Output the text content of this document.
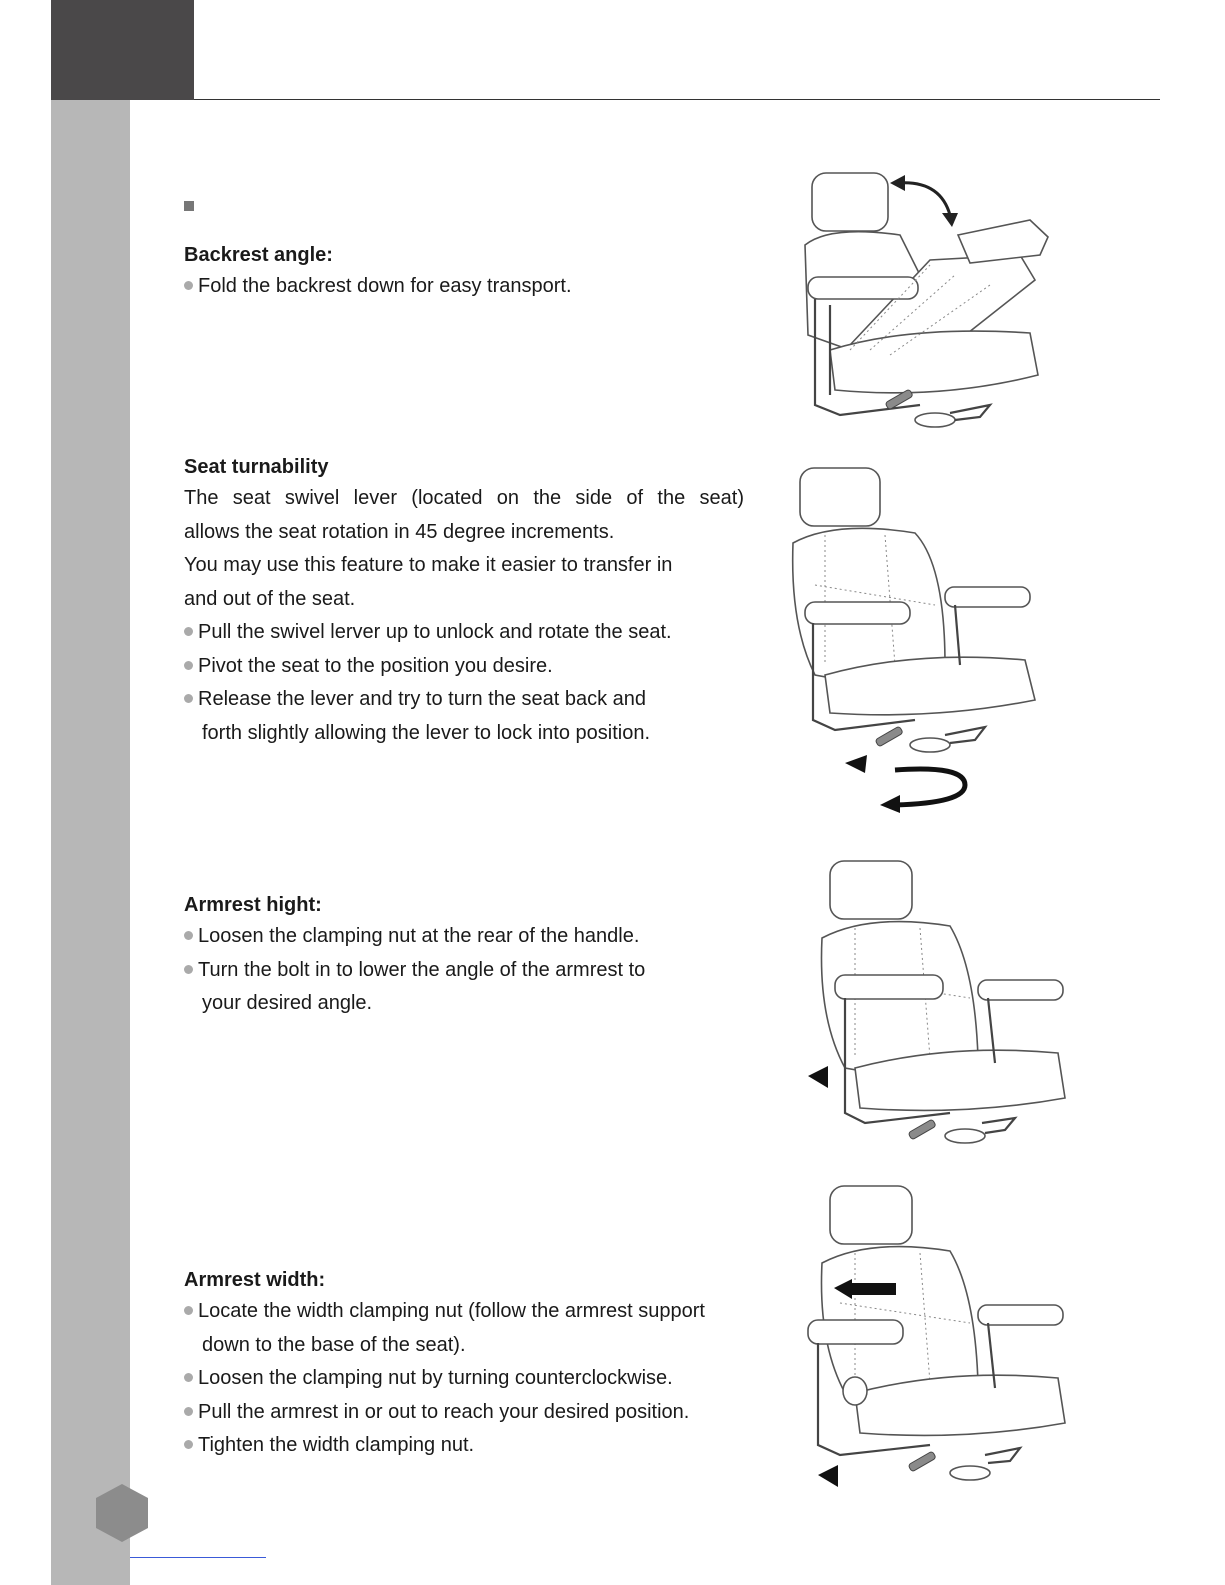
Backrest angle:

Fold the backrest down for easy transport.

Seat turnability

The seat swivel lever (located on the side of the seat)

allows the seat rotation in 45 degree increments.

You may use this feature to make it easier to transfer in

and out of the seat.

Pull the swivel lerver up to unlock and rotate the seat.

Pivot the seat to the position you desire.

Release the lever and try to turn the seat back and

forth slightly allowing the lever to lock into position.

Armrest hight:

Loosen the clamping nut at the rear of the handle.

Turn the bolt in to lower the angle of the armrest to

your desired angle.

Armrest width:

Locate the width clamping nut (follow the armrest support

down to the base of the seat).

Loosen the clamping nut by turning counterclockwise.

Pull the armrest in or out to reach your desired position.

Tighten the width clamping nut.
